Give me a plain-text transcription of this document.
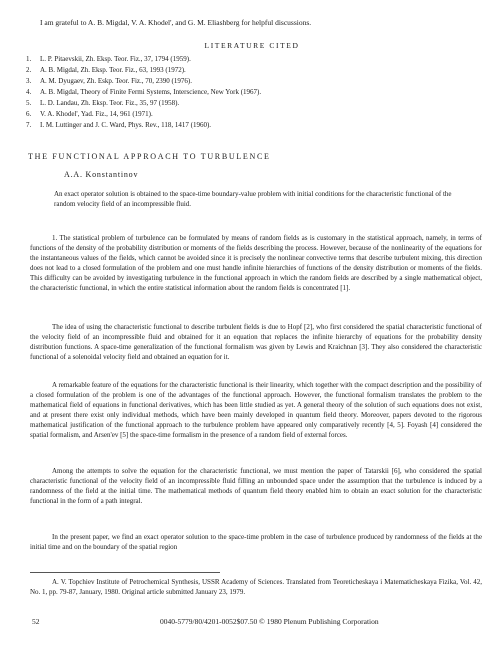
I am grateful to A. B. Migdal, V. A. Khodel', and G. M. Eliashberg for helpful discussions.

LITERATURE CITED
1. L. P. Pitaevskii, Zh. Eksp. Teor. Fiz., 37, 1794 (1959).
2. A. B. Migdal, Zh. Eksp. Teor. Fiz., 63, 1993 (1972).
3. A. M. Dyugaev, Zh. Eskp. Teor. Fiz., 70, 2390 (1976).
4. A. B. Migdal, Theory of Finite Fermi Systems, Interscience, New York (1967).
5. L. D. Landau, Zh. Eksp. Teor. Fiz., 35, 97 (1958).
6. V. A. Khodel', Yad. Fiz., 14, 961 (1971).
7. I. M. Luttinger and J. C. Ward, Phys. Rev., 118, 1417 (1960).
THE FUNCTIONAL APPROACH TO TURBULENCE
A.A. Konstantinov

An exact operator solution is obtained to the space-time boundary-value problem with initial conditions for the characteristic functional of the random velocity field of an incompressible fluid.

1. The statistical problem of turbulence can be formulated by means of random fields as is customary in the statistical approach, namely, in terms of functions of the density of the probability distribution or moments of the fields describing the process. However, because of the nonlinearity of the equations for the instantaneous values of the fields, which cannot be avoided since it is precisely the nonlinear convective terms that describe turbulent mixing, this direction does not lead to a closed formulation of the problem and one must handle infinite hierarchies of functions of the density distribution or moments of the fields. This difficulty can be avoided by investigating turbulence in the functional approach in which the random fields are described by a single mathematical object, the characteristic functional, in which the entire statistical information about the random fields is concentrated [1].

The idea of using the characteristic functional to describe turbulent fields is due to Hopf [2], who first considered the spatial characteristic functional of the velocity field of an incompressible fluid and obtained for it an equation that replaces the infinite hierarchy of equations for the probability density distribution functions. A space-time generalization of the functional formalism was given by Lewis and Kraichnan [3]. They also considered the characteristic functional of a solenoidal velocity field and obtained an equation for it.

A remarkable feature of the equations for the characteristic functional is their linearity, which together with the compact description and the possibility of a closed formulation of the problem is one of the advantages of the functional approach. However, the functional formalism translates the problem to the mathematical field of equations in functional derivatives, which has been little studied as yet. A general theory of the solution of such equations does not exist, and at present there exist only individual methods, which have been mainly developed in quantum field theory. Moreover, papers devoted to the rigorous mathematical justification of the functional approach to the turbulence problem have appeared only comparatively recently [4, 5]. Foyash [4] considered the spatial formalism, and Arsen'ev [5] the space-time formalism in the presence of a random field of external forces.

Among the attempts to solve the equation for the characteristic functional, we must mention the paper of Tatarskii [6], who considered the spatial characteristic functional of the velocity field of an incompressible fluid filling an unbounded space under the assumption that the turbulence is induced by a randomness of the field at the initial time. The mathematical methods of quantum field theory enabled him to obtain an exact solution for the characteristic functional in the form of a path integral.

In the present paper, we find an exact operator solution to the space-time problem in the case of turbulence produced by randomness of the fields at the initial time and on the boundary of the spatial region

A. V. Topchiev Institute of Petrochemical Synthesis, USSR Academy of Sciences. Translated from Teoreticheskaya i Matematicheskaya Fizika, Vol. 42, No. 1, pp. 79-87, January, 1980. Original article submitted January 23, 1979.

52	0040-5779/80/4201-0052$07.50 © 1980 Plenum Publishing Corporation
